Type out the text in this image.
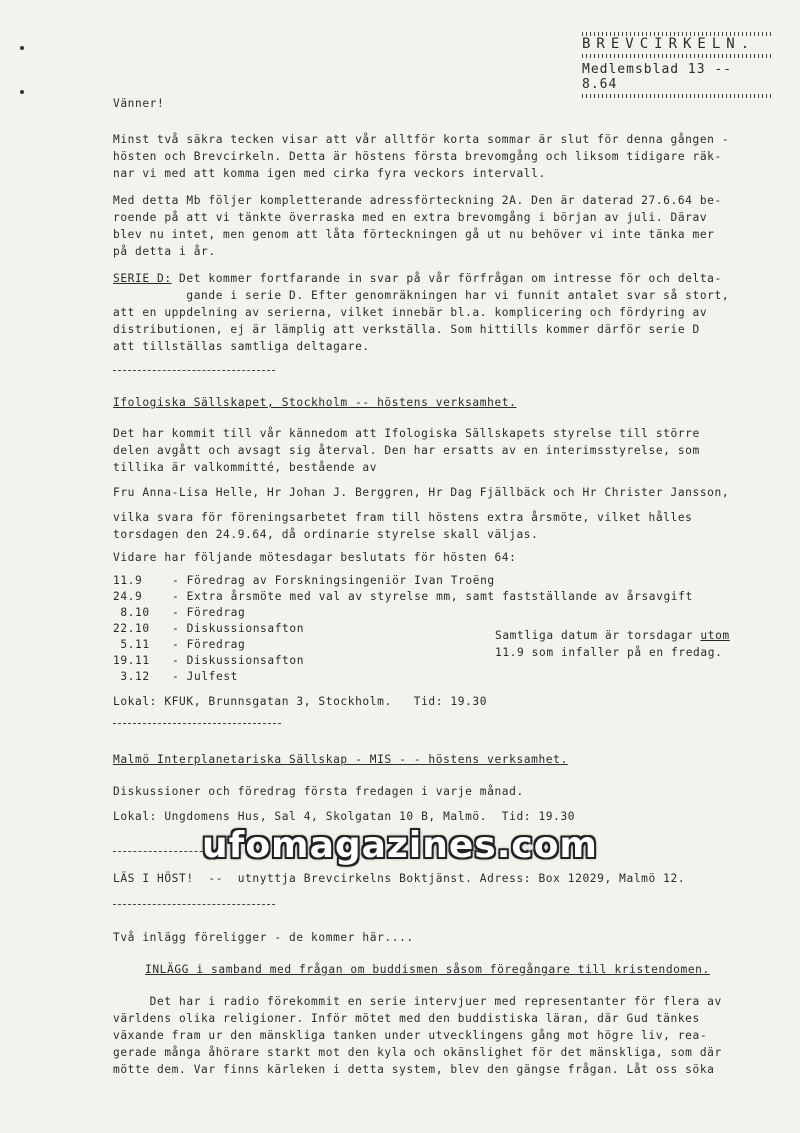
BREVCIRKELN.
Medlemsblad 13 -- 8.64
Vänner!
Minst två säkra tecken visar att vår alltför korta sommar är slut för denna gången -
hösten och Brevcirkeln. Detta är höstens första brevomgång och liksom tidigare räk-
nar vi med att komma igen med cirka fyra veckors intervall.
Med detta Mb följer kompletterande adressförteckning 2A. Den är daterad 27.6.64 be-
roende på att vi tänkte överraska med en extra brevomgång i början av juli. Därav
blev nu intet, men genom att låta förteckningen gå ut nu behöver vi inte tänka mer
på detta i år.
SERIE D: Det kommer fortfarande in svar på vår förfrågan om intresse för och delta-
gande i serie D. Efter genomräkningen har vi funnit antalet svar så stort,
att en uppdelning av serierna, vilket innebär bl.a. komplicering och fördyring av
distributionen, ej är lämplig att verkställa. Som hittills kommer därför serie D
att tillställas samtliga deltagare.
Ifologiska Sällskapet, Stockholm -- höstens verksamhet.
Det har kommit till vår kännedom att Ifologiska Sällskapets styrelse till större
delen avgått och avsagt sig återval. Den har ersatts av en interimsstyrelse, som
tillika är valkommitté, bestående av
Fru Anna-Lisa Helle, Hr Johan J. Berggren, Hr Dag Fjällbäck och Hr Christer Jansson,
vilka svara för föreningsarbetet fram till höstens extra årsmöte, vilket hålles
torsdagen den 24.9.64, då ordinarie styrelse skall väljas.
Vidare har följande mötesdagar beslutats för hösten 64:
11.9	- Föredrag av Forskningsingeniör Ivan Troëng
24.9	- Extra årsmöte med val av styrelse mm, samt fastställande av årsavgift
8.10 - Föredrag
22.10 - Diskussionsafton
5.11 - Föredrag
19.11 - Diskussionsafton
3.12 - Julfest
Samtliga datum är torsdagar utom
11.9 som infaller på en fredag.
Lokal: KFUK, Brunnsgatan 3, Stockholm.   Tid: 19.30
Malmö Interplanetariska Sällskap - MIS - - höstens verksamhet.
Diskussioner och föredrag första fredagen i varje månad.
Lokal: Ungdomens Hus, Sal 4, Skolgatan 10 B, Malmö.  Tid: 19.30
ufomagazines.com
LÄS I HÖST!  --  utnyttja Brevcirkelns Boktjänst. Adress: Box 12029, Malmö 12.
Två inlägg föreligger - de kommer här....
INLÄGG i samband med frågan om buddismen såsom föregångare till kristendomen.
Det har i radio förekommit en serie intervjuer med representanter för flera av
världens olika religioner. Inför mötet med den buddistiska läran, där Gud tänkes
växande fram ur den mänskliga tanken under utvecklingens gång mot högre liv, rea-
gerade många åhörare starkt mot den kyla och okänslighet för det mänskliga, som där
mötte dem. Var finns kärleken i detta system, blev den gängse frågan. Låt oss söka
